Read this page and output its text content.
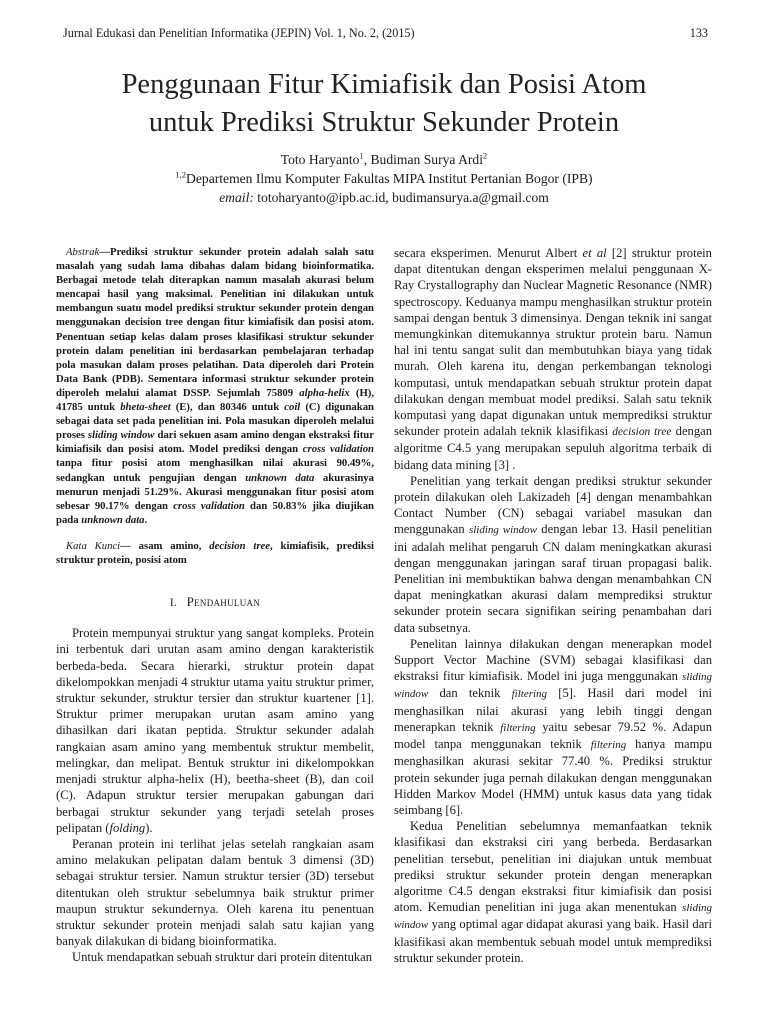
Jurnal Edukasi dan Penelitian Informatika (JEPIN) Vol. 1, No. 2, (2015)	133
Penggunaan Fitur Kimiafisik dan Posisi Atom
untuk Prediksi Struktur Sekunder Protein
Toto Haryanto$^1$, Budiman Surya Ardi$^2$
$^{1,2}$Departemen Ilmu Komputer Fakultas MIPA Institut Pertanian Bogor (IPB)
email: totoharyanto@ipb.ac.id, budimansurya.a@gmail.com
Abstrak—Prediksi struktur sekunder protein adalah salah satu masalah yang sudah lama dibahas dalam bidang bioinformatika. Berbagai metode telah diterapkan namun masalah akurasi belum mencapai hasil yang maksimal. Penelitian ini dilakukan untuk membangun suatu model prediksi struktur sekunder protein dengan menggunakan decision tree dengan fitur kimiafisik dan posisi atom. Penentuan setiap kelas dalam proses klasifikasi struktur sekunder protein dalam penelitian ini berdasarkan pembelajaran terhadap pola masukan dalam proses pelatihan. Data diperoleh dari Protein Data Bank (PDB). Sementara informasi struktur sekunder protein diperoleh melalui alamat DSSP. Sejumlah 75809 alpha-helix (H), 41785 untuk bheta-sheet (E), dan 80346 untuk coil (C) digunakan sebagai data set pada penelitian ini. Pola masukan diperoleh melalui proses sliding window dari sekuen asam amino dengan ekstraksi fitur kimiafisik dan posisi atom. Model prediksi dengan cross validation tanpa fitur posisi atom menghasilkan nilai akurasi 90.49%, sedangkan untuk pengujian dengan unknown data akurasinya menurun menjadi 51.29%. Akurasi menggunakan fitur posisi atom sebesar 90.17% dengan cross validation dan 50.83% jika diujikan pada unknown data.
Kata Kunci— asam amino, decision tree, kimiafisik, prediksi struktur protein, posisi atom
I. Pendahuluan

Protein mempunyai struktur yang sangat kompleks. Protein ini terbentuk dari urutan asam amino dengan karakteristik berbeda-beda. Secara hierarki, struktur protein dapat dikelompokkan menjadi 4 struktur utama yaitu struktur primer, struktur sekunder, struktur tersier dan struktur kuartener [1]. Struktur primer merupakan urutan asam amino yang dihasilkan dari ikatan peptida. Struktur sekunder adalah rangkaian asam amino yang membentuk struktur membelit, melingkar, dan melipat. Bentuk struktur ini dikelompokkan menjadi struktur alpha-helix (H), beetha-sheet (B), dan coil (C). Adapun struktur tersier merupakan gabungan dari berbagai struktur sekunder yang terjadi setelah proses pelipatan (folding).

Peranan protein ini terlihat jelas setelah rangkaian asam amino melakukan pelipatan dalam bentuk 3 dimensi (3D) sebagai struktur tersier. Namun struktur tersier (3D) tersebut ditentukan oleh struktur sebelumnya baik struktur primer maupun struktur sekundernya. Oleh karena itu penentuan struktur sekunder protein menjadi salah satu kajian yang banyak dilakukan di bidang bioinformatika.

Untuk mendapatkan sebuah struktur dari protein ditentukan

secara eksperimen. Menurut Albert et al [2] struktur protein dapat ditentukan dengan eksperimen melalui penggunaan X-Ray Crystallography dan Nuclear Magnetic Resonance (NMR) spectroscopy. Keduanya mampu menghasilkan struktur protein sampai dengan bentuk 3 dimensinya. Dengan teknik ini sangat memungkinkan ditemukannya struktur protein baru. Namun hal ini tentu sangat sulit dan membutuhkan biaya yang tidak murah. Oleh karena itu, dengan perkembangan teknologi komputasi, untuk mendapatkan sebuah struktur protein dapat dilakukan dengan membuat model prediksi. Salah satu teknik komputasi yang dapat digunakan untuk memprediksi struktur sekunder protein adalah teknik klasifikasi decision tree dengan algoritme C4.5 yang merupakan sepuluh algoritma terbaik di bidang data mining [3] .

Penelitian yang terkait dengan prediksi struktur sekunder protein dilakukan oleh Lakizadeh [4] dengan menambahkan Contact Number (CN) sebagai variabel masukan dan menggunakan sliding window dengan lebar 13. Hasil penelitian ini adalah melihat pengaruh CN dalam meningkatkan akurasi dengan menggunakan jaringan saraf tiruan propagasi balik. Penelitian ini membuktikan bahwa dengan menambahkan CN dapat meningkatkan akurasi dalam memprediksi struktur sekunder protein secara signifikan seiring penambahan dari data subsetnya.

Penelitan lainnya dilakukan dengan menerapkan model Support Vector Machine (SVM) sebagai klasifikasi dan ekstraksi fitur kimiafisik. Model ini juga menggunakan sliding window dan teknik filtering [5]. Hasil dari model ini menghasilkan nilai akurasi yang lebih tinggi dengan menerapkan teknik filtering yaitu sebesar 79.52 %. Adapun model tanpa menggunakan teknik filtering hanya mampu menghasilkan akurasi sekitar 77.40 %. Prediksi struktur protein sekunder juga pernah dilakukan dengan menggunakan Hidden Markov Model (HMM) untuk kasus data yang tidak seimbang [6].

Kedua Penelitian sebelumnya memanfaatkan teknik klasifikasi dan ekstraksi ciri yang berbeda. Berdasarkan penelitian tersebut, penelitian ini diajukan untuk membuat prediksi struktur sekunder protein dengan menerapkan algoritme C4.5 dengan ekstraksi fitur kimiafisik dan posisi atom. Kemudian penelitian ini juga akan menentukan sliding window yang optimal agar didapat akurasi yang baik. Hasil dari klasifikasi akan membentuk sebuah model untuk memprediksi struktur sekunder protein.
